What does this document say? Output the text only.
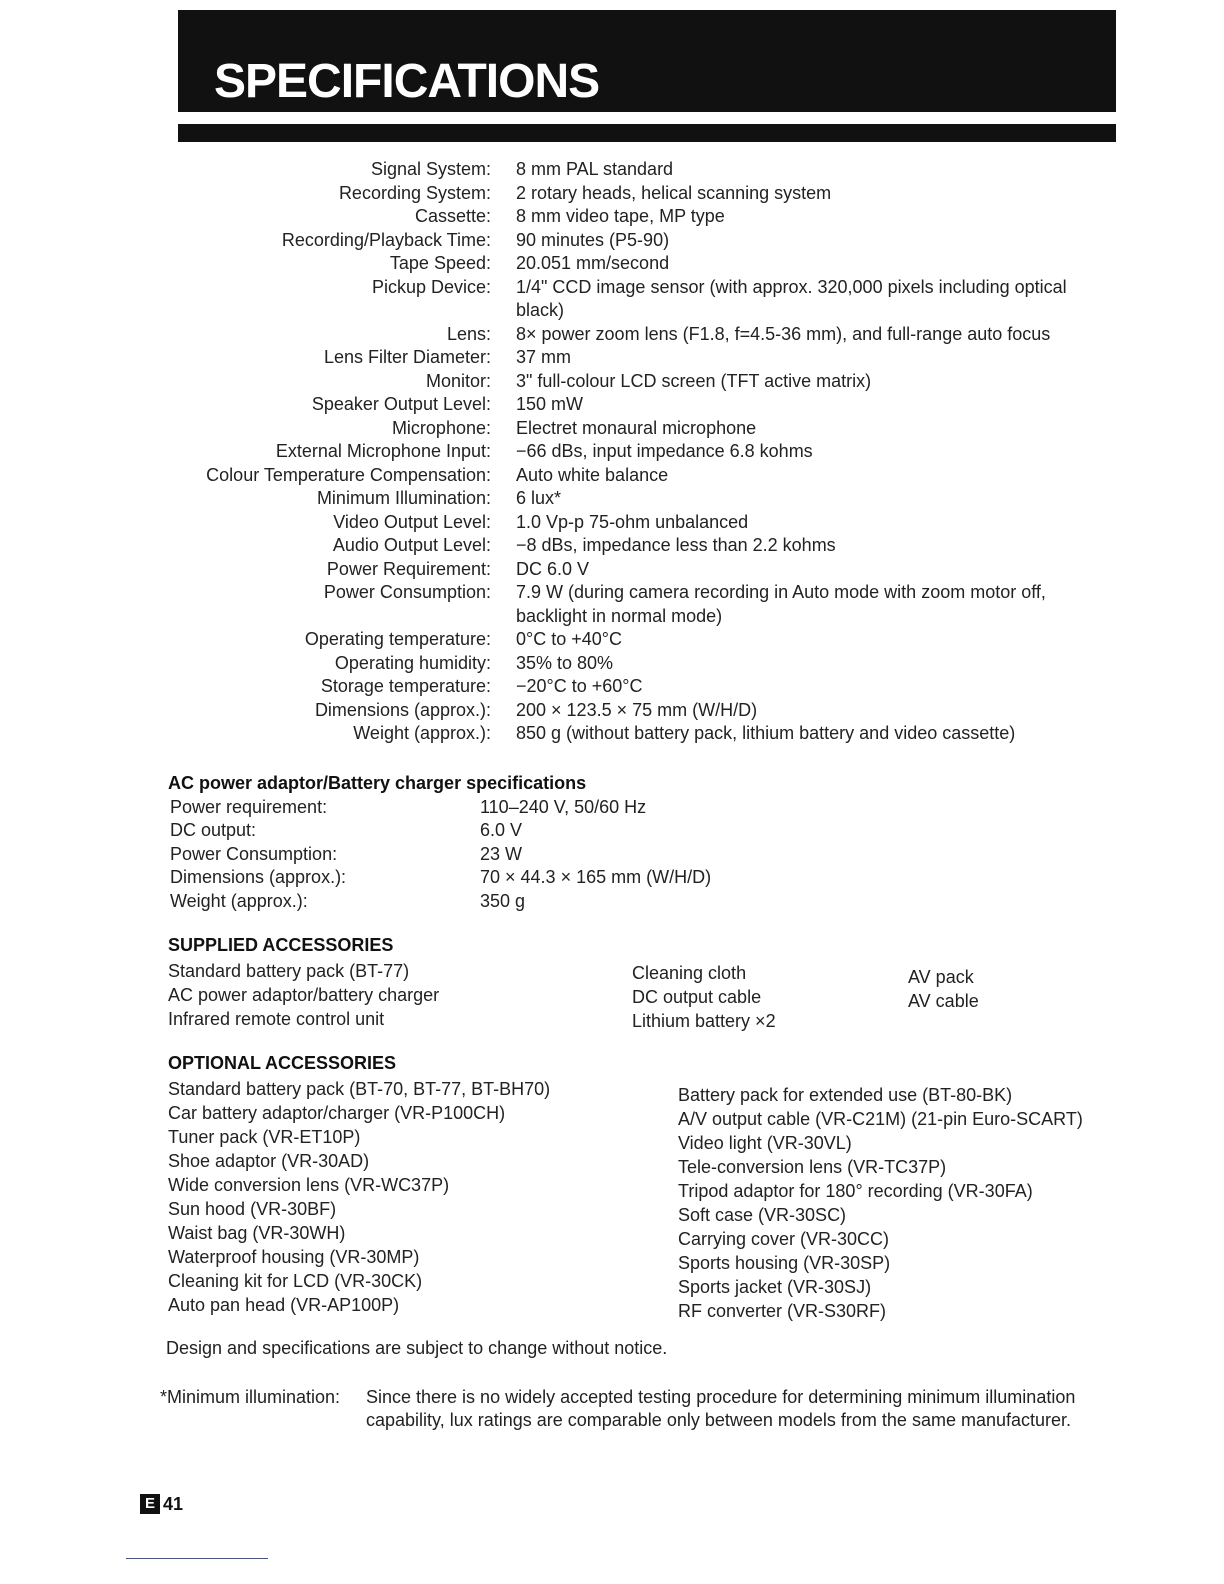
SPECIFICATIONS
Signal System: 8 mm PAL standard
Recording System: 2 rotary heads, helical scanning system
Cassette: 8 mm video tape, MP type
Recording/Playback Time: 90 minutes (P5-90)
Tape Speed: 20.051 mm/second
Pickup Device: 1/4" CCD image sensor (with approx. 320,000 pixels including optical black)
Lens: 8× power zoom lens (F1.8, f=4.5-36 mm), and full-range auto focus
Lens Filter Diameter: 37 mm
Monitor: 3" full-colour LCD screen (TFT active matrix)
Speaker Output Level: 150 mW
Microphone: Electret monaural microphone
External Microphone Input: −66 dBs, input impedance 6.8 kohms
Colour Temperature Compensation: Auto white balance
Minimum Illumination: 6 lux*
Video Output Level: 1.0 Vp-p 75-ohm unbalanced
Audio Output Level: −8 dBs, impedance less than 2.2 kohms
Power Requirement: DC 6.0 V
Power Consumption: 7.9 W (during camera recording in Auto mode with zoom motor off, backlight in normal mode)
Operating temperature: 0°C to +40°C
Operating humidity: 35% to 80%
Storage temperature: −20°C to +60°C
Dimensions (approx.): 200 × 123.5 × 75 mm (W/H/D)
Weight (approx.): 850 g (without battery pack, lithium battery and video cassette)
AC power adaptor/Battery charger specifications
Power requirement:	110–240 V, 50/60 Hz
DC output:	6.0 V
Power Consumption:	23 W
Dimensions (approx.):	70 × 44.3 × 165 mm (W/H/D)
Weight (approx.):	350 g
SUPPLIED ACCESSORIES
Standard battery pack (BT-77)
AC power adaptor/battery charger
Infrared remote control unit
Cleaning cloth
DC output cable
Lithium battery ×2
AV pack
AV cable
OPTIONAL ACCESSORIES
Standard battery pack (BT-70, BT-77, BT-BH70)
Car battery adaptor/charger (VR-P100CH)
Tuner pack (VR-ET10P)
Shoe adaptor (VR-30AD)
Wide conversion lens (VR-WC37P)
Sun hood (VR-30BF)
Waist bag (VR-30WH)
Waterproof housing (VR-30MP)
Cleaning kit for LCD (VR-30CK)
Auto pan head (VR-AP100P)
Battery pack for extended use (BT-80-BK)
A/V output cable (VR-C21M) (21-pin Euro-SCART)
Video light (VR-30VL)
Tele-conversion lens (VR-TC37P)
Tripod adaptor for 180° recording (VR-30FA)
Soft case (VR-30SC)
Carrying cover (VR-30CC)
Sports housing (VR-30SP)
Sports jacket (VR-30SJ)
RF converter (VR-S30RF)
Design and specifications are subject to change without notice.
*Minimum illumination: Since there is no widely accepted testing procedure for determining minimum illumination capability, lux ratings are comparable only between models from the same manufacturer.
E 41
